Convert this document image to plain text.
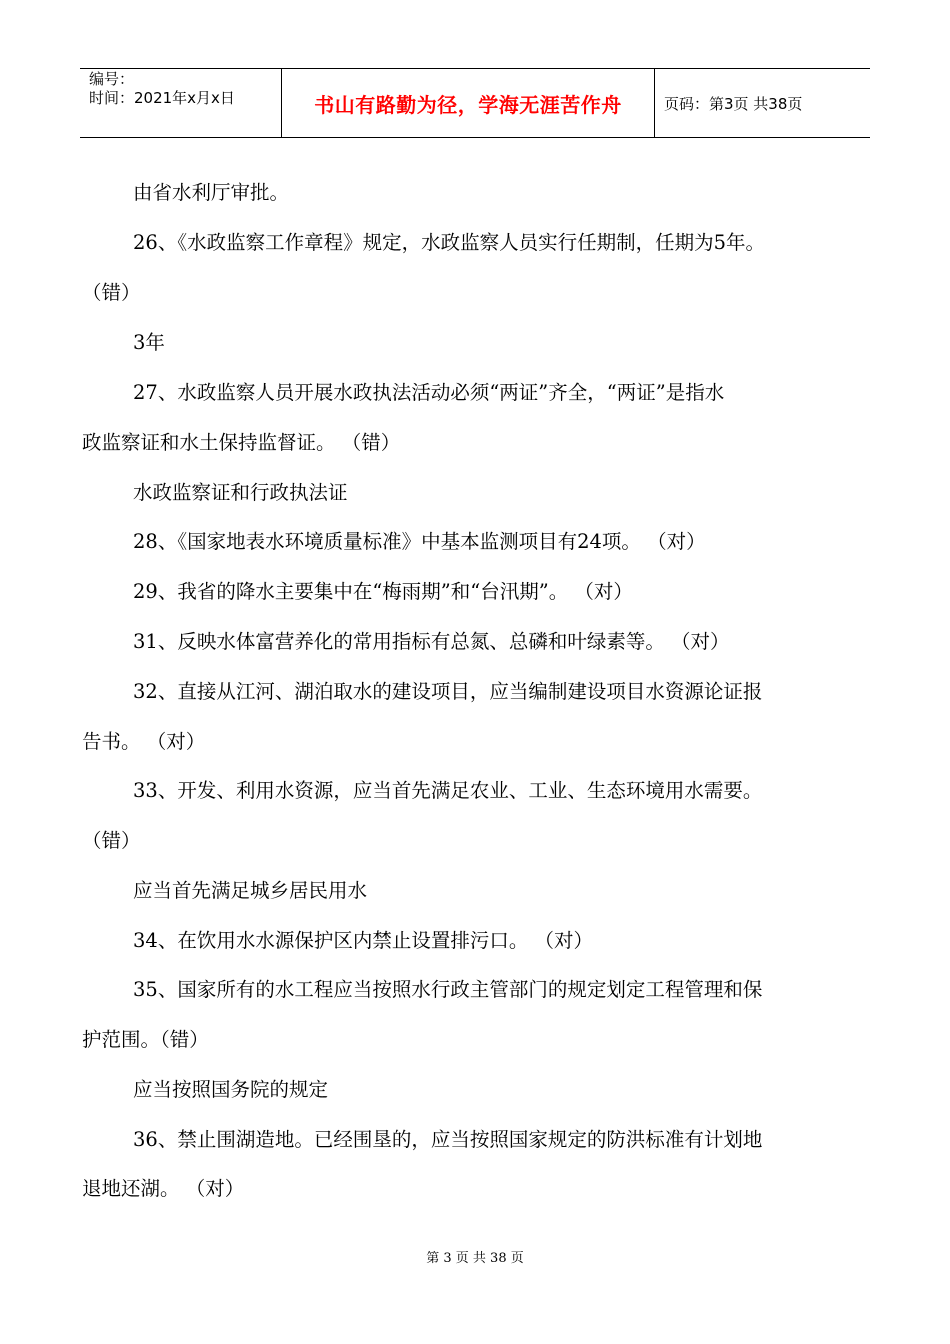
编号：
时间：2021年x月x日	书山有路勤为径，学海无涯苦作舟	页码：第3页 共38页
由省水利厅审批。
26、《水政监察工作章程》规定，水政监察人员实行任期制，任期为5年。
（错）
3年
27、水政监察人员开展水政执法活动必须“两证”齐全，“两证”是指水
政监察证和水土保持监督证。 （错）
水政监察证和行政执法证
28、《国家地表水环境质量标准》中基本监测项目有24项。 （对）
29、我省的降水主要集中在“梅雨期”和“台汛期”。 （对）
31、反映水体富营养化的常用指标有总氮、总磷和叶绿素等。 （对）
32、直接从江河、湖泊取水的建设项目，应当编制建设项目水资源论证报
告书。 （对）
33、开发、利用水资源，应当首先满足农业、工业、生态环境用水需要。
（错）
应当首先满足城乡居民用水
34、在饮用水水源保护区内禁止设置排污口。 （对）
35、国家所有的水工程应当按照水行政主管部门的规定划定工程管理和保
护范围。（错）
应当按照国务院的规定
36、禁止围湖造地。已经围垦的，应当按照国家规定的防洪标准有计划地
退地还湖。 （对）
第 3 页 共 38 页
